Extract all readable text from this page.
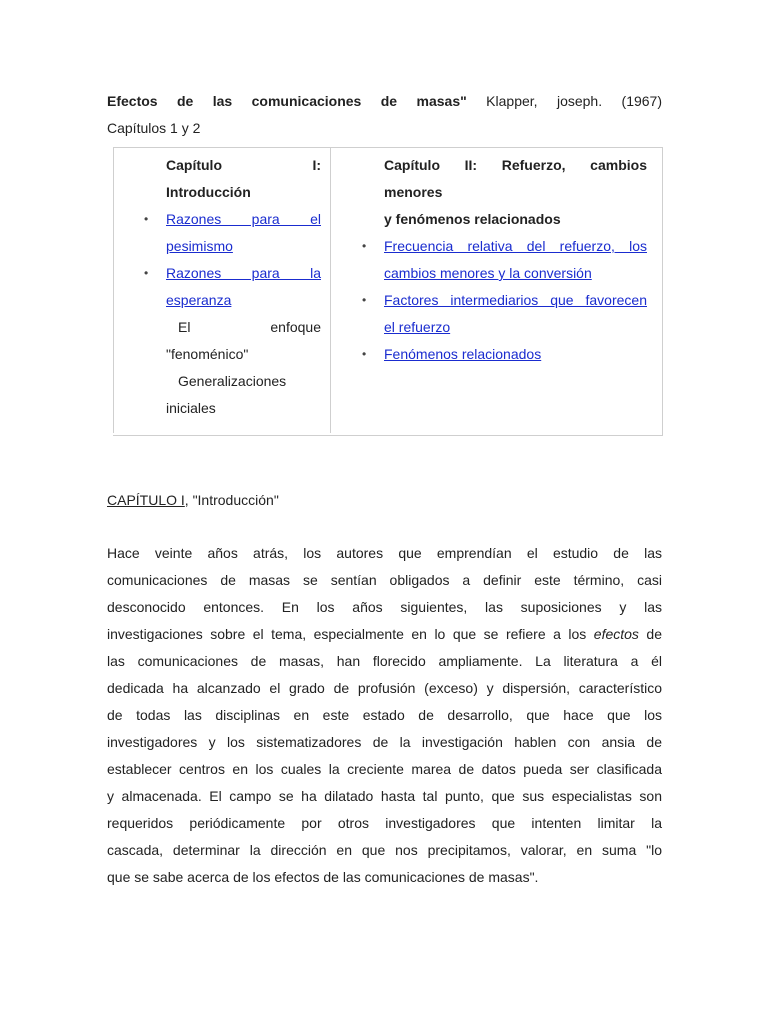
Efectos de las comunicaciones de masas" Klapper, joseph. (1967)
Capítulos 1 y 2
Capítulo I:
Introducción
• Razones para el
pesimismo
• Razones para la
esperanza
El enfoque
"fenoménico"
Generalizaciones
iniciales
Capítulo II: Refuerzo, cambios
menores
y fenómenos relacionados
• Frecuencia relativa del refuerzo, los
cambios menores y la conversión
• Factores intermediarios que favorecen
el refuerzo
• Fenómenos relacionados
CAPÍTULO I, "Introducción"
Hace veinte años atrás, los autores que emprendían el estudio de las
comunicaciones de masas se sentían obligados a definir este término, casi
desconocido entonces. En los años siguientes, las suposiciones y las
investigaciones sobre el tema, especialmente en lo que se refiere a los efectos de
las comunicaciones de masas, han florecido ampliamente. La literatura a él
dedicada ha alcanzado el grado de profusión (exceso) y dispersión, característico
de todas las disciplinas en este estado de desarrollo, que hace que los
investigadores y los sistematizadores de la investigación hablen con ansia de
establecer centros en los cuales la creciente marea de datos pueda ser clasificada
y almacenada. El campo se ha dilatado hasta tal punto, que sus especialistas son
requeridos periódicamente por otros investigadores que intenten limitar la
cascada, determinar la dirección en que nos precipitamos, valorar, en suma "lo
que se sabe acerca de los efectos de las comunicaciones de masas".
